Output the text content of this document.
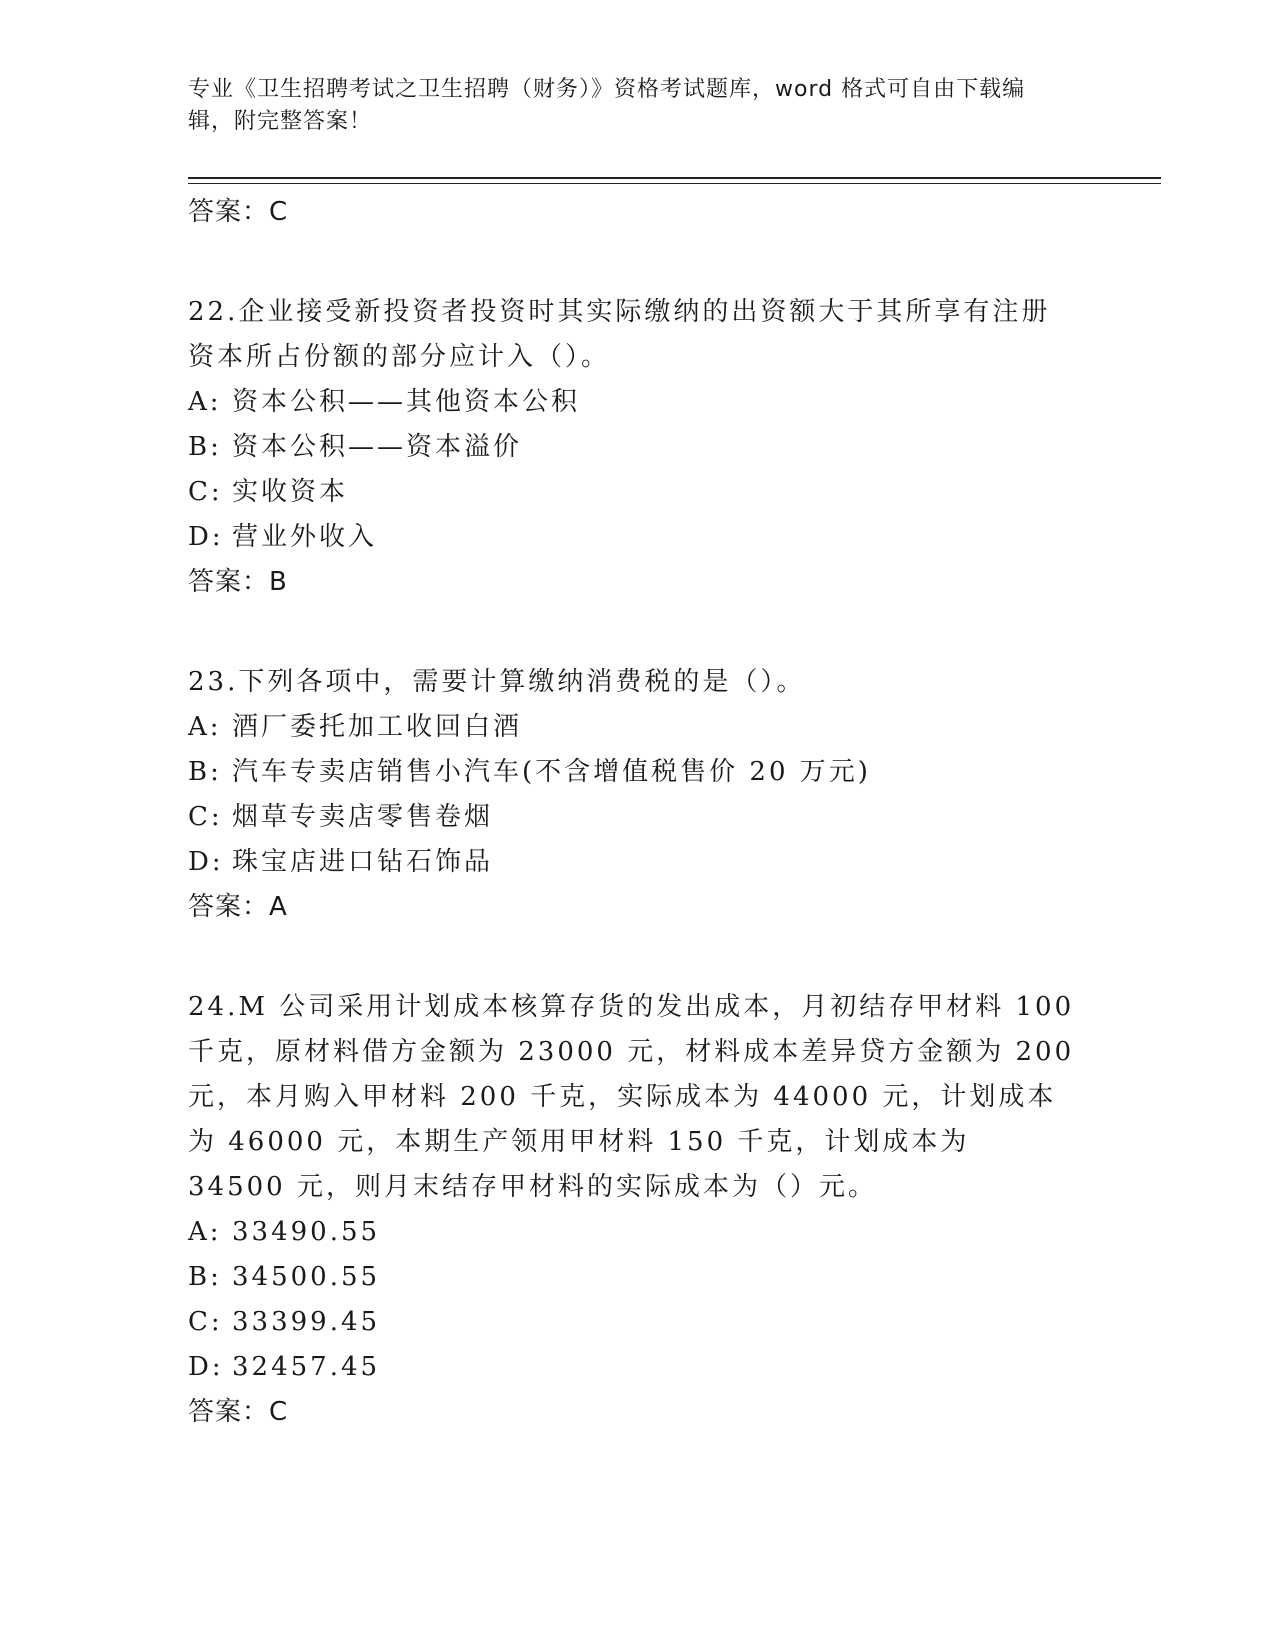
专业《卫生招聘考试之卫生招聘（财务）》资格考试题库，word 格式可自由下载编辑，附完整答案！
答案：C
22.企业接受新投资者投资时其实际缴纳的出资额大于其所享有注册资本所占份额的部分应计入（）。
A: 资本公积——其他资本公积
B: 资本公积——资本溢价
C: 实收资本
D: 营业外收入
答案：B
23.下列各项中，需要计算缴纳消费税的是（）。
A: 酒厂委托加工收回白酒
B: 汽车专卖店销售小汽车(不含增值税售价 20 万元)
C: 烟草专卖店零售卷烟
D: 珠宝店进口钻石饰品
答案：A
24.M 公司采用计划成本核算存货的发出成本，月初结存甲材料 100 千克，原材料借方金额为 23000 元，材料成本差异贷方金额为 200 元，本月购入甲材料 200 千克，实际成本为 44000 元，计划成本为 46000 元，本期生产领用甲材料 150 千克，计划成本为 34500 元，则月末结存甲材料的实际成本为（）元。
A: 33490.55
B: 34500.55
C: 33399.45
D: 32457.45
答案：C
